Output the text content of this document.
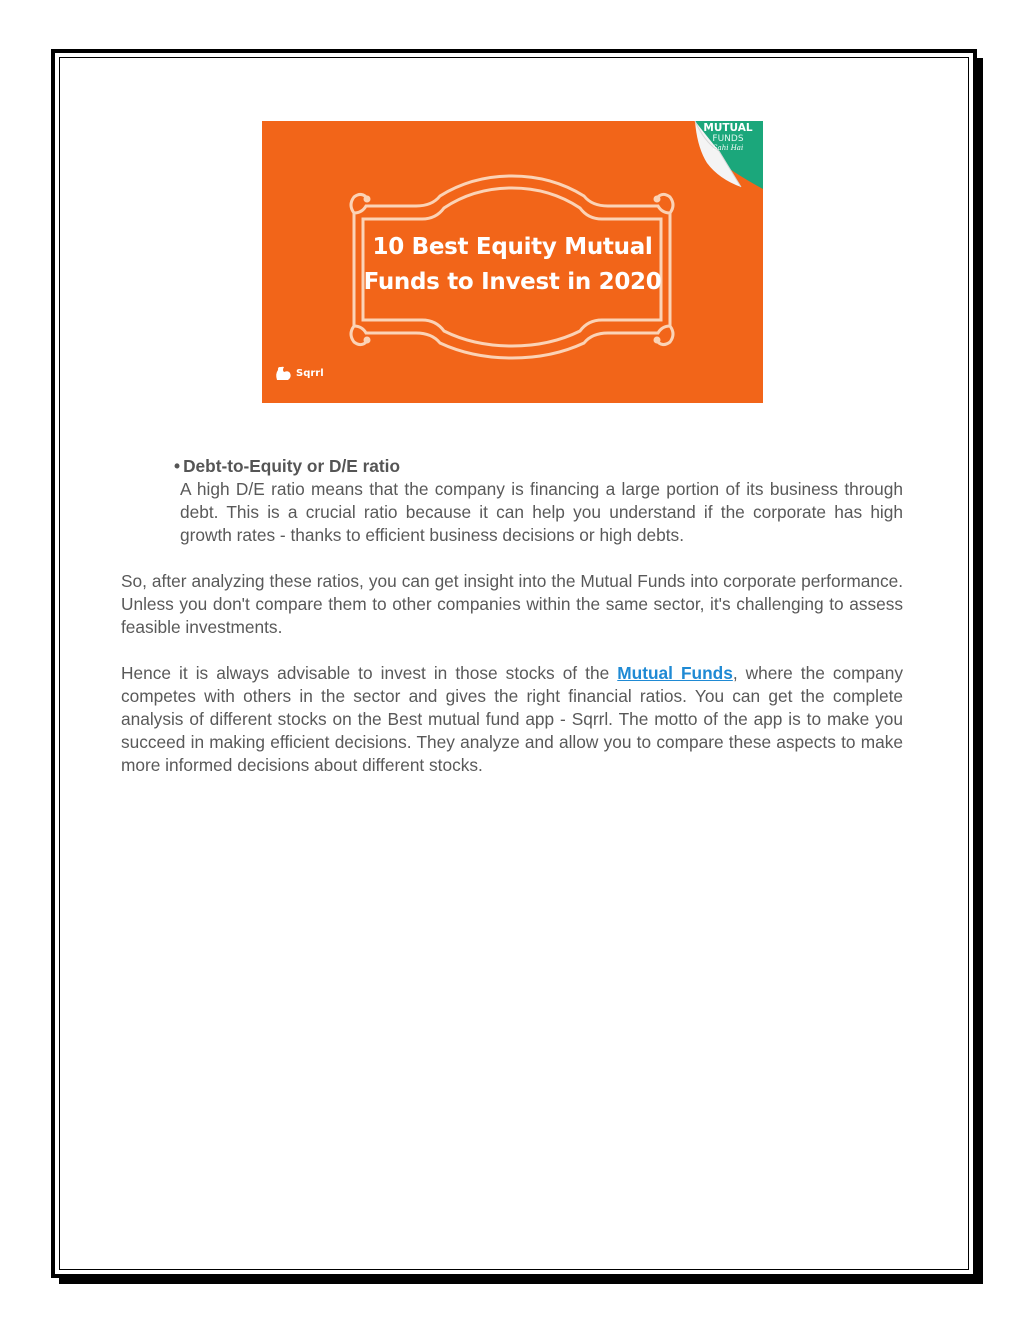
10 Best Equity Mutual
Funds to Invest in 2020
MUTUAL
FUNDS
Sahi Hai
Sqrrl

• Debt-to-Equity or D/E ratio

A high D/E ratio means that the company is financing a large portion of its business through debt. This is a crucial ratio because it can help you understand if the corporate has high growth rates - thanks to efficient business decisions or high debts.

So, after analyzing these ratios, you can get insight into the Mutual Funds into corporate performance. Unless you don't compare them to other companies within the same sector, it's challenging to assess feasible investments.

Hence it is always advisable to invest in those stocks of the Mutual Funds, where the company competes with others in the sector and gives the right financial ratios. You can get the complete analysis of different stocks on the Best mutual fund app - Sqrrl. The motto of the app is to make you succeed in making efficient decisions. They analyze and allow you to compare these aspects to make more informed decisions about different stocks.
